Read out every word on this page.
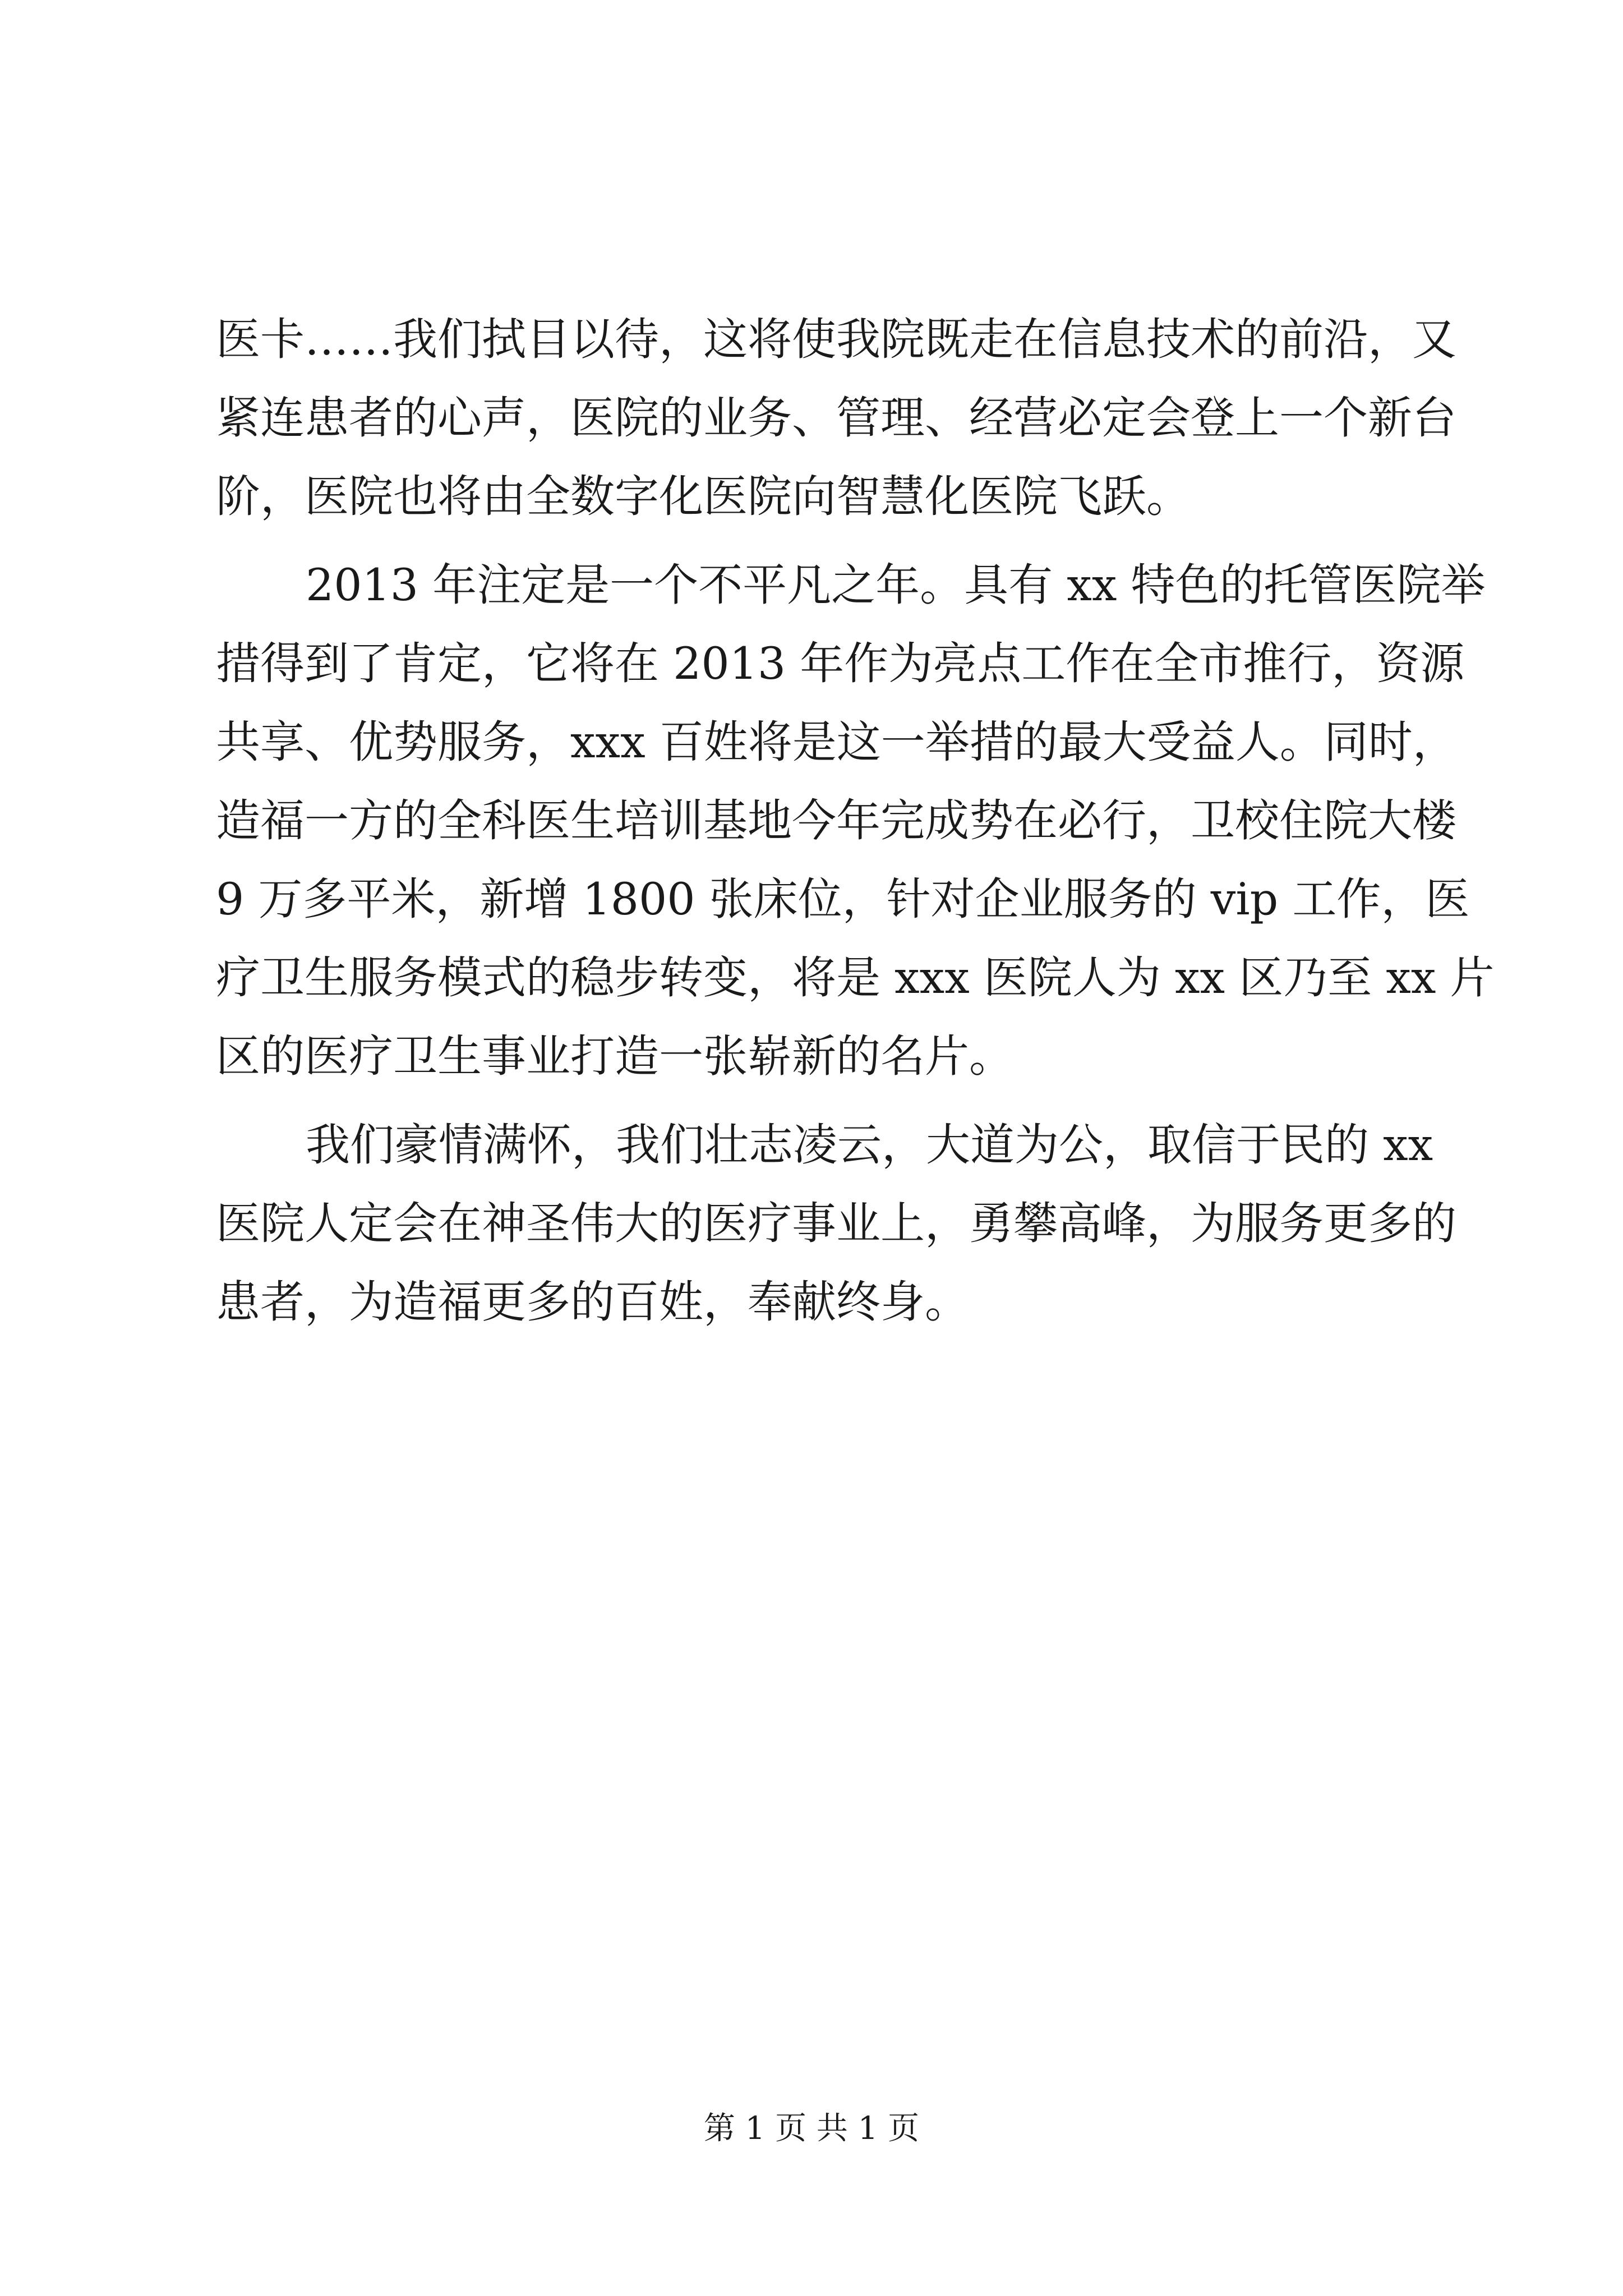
医卡……我们拭目以待，这将使我院既走在信息技术的前沿，又
紧连患者的心声，医院的业务、管理、经营必定会登上一个新台
阶，医院也将由全数字化医院向智慧化医院飞跃。
2013 年注定是一个不平凡之年。具有 xx 特色的托管医院举
措得到了肯定，它将在 2013 年作为亮点工作在全市推行，资源
共享、优势服务，xxx 百姓将是这一举措的最大受益人。同时，
造福一方的全科医生培训基地今年完成势在必行，卫校住院大楼
9 万多平米，新增 1800 张床位，针对企业服务的 vip 工作，医
疗卫生服务模式的稳步转变，将是 xxx 医院人为 xx 区乃至 xx 片
区的医疗卫生事业打造一张崭新的名片。
我们豪情满怀，我们壮志凌云，大道为公，取信于民的 xx
医院人定会在神圣伟大的医疗事业上，勇攀高峰，为服务更多的
患者，为造福更多的百姓，奉献终身。
第 1 页 共 1 页
